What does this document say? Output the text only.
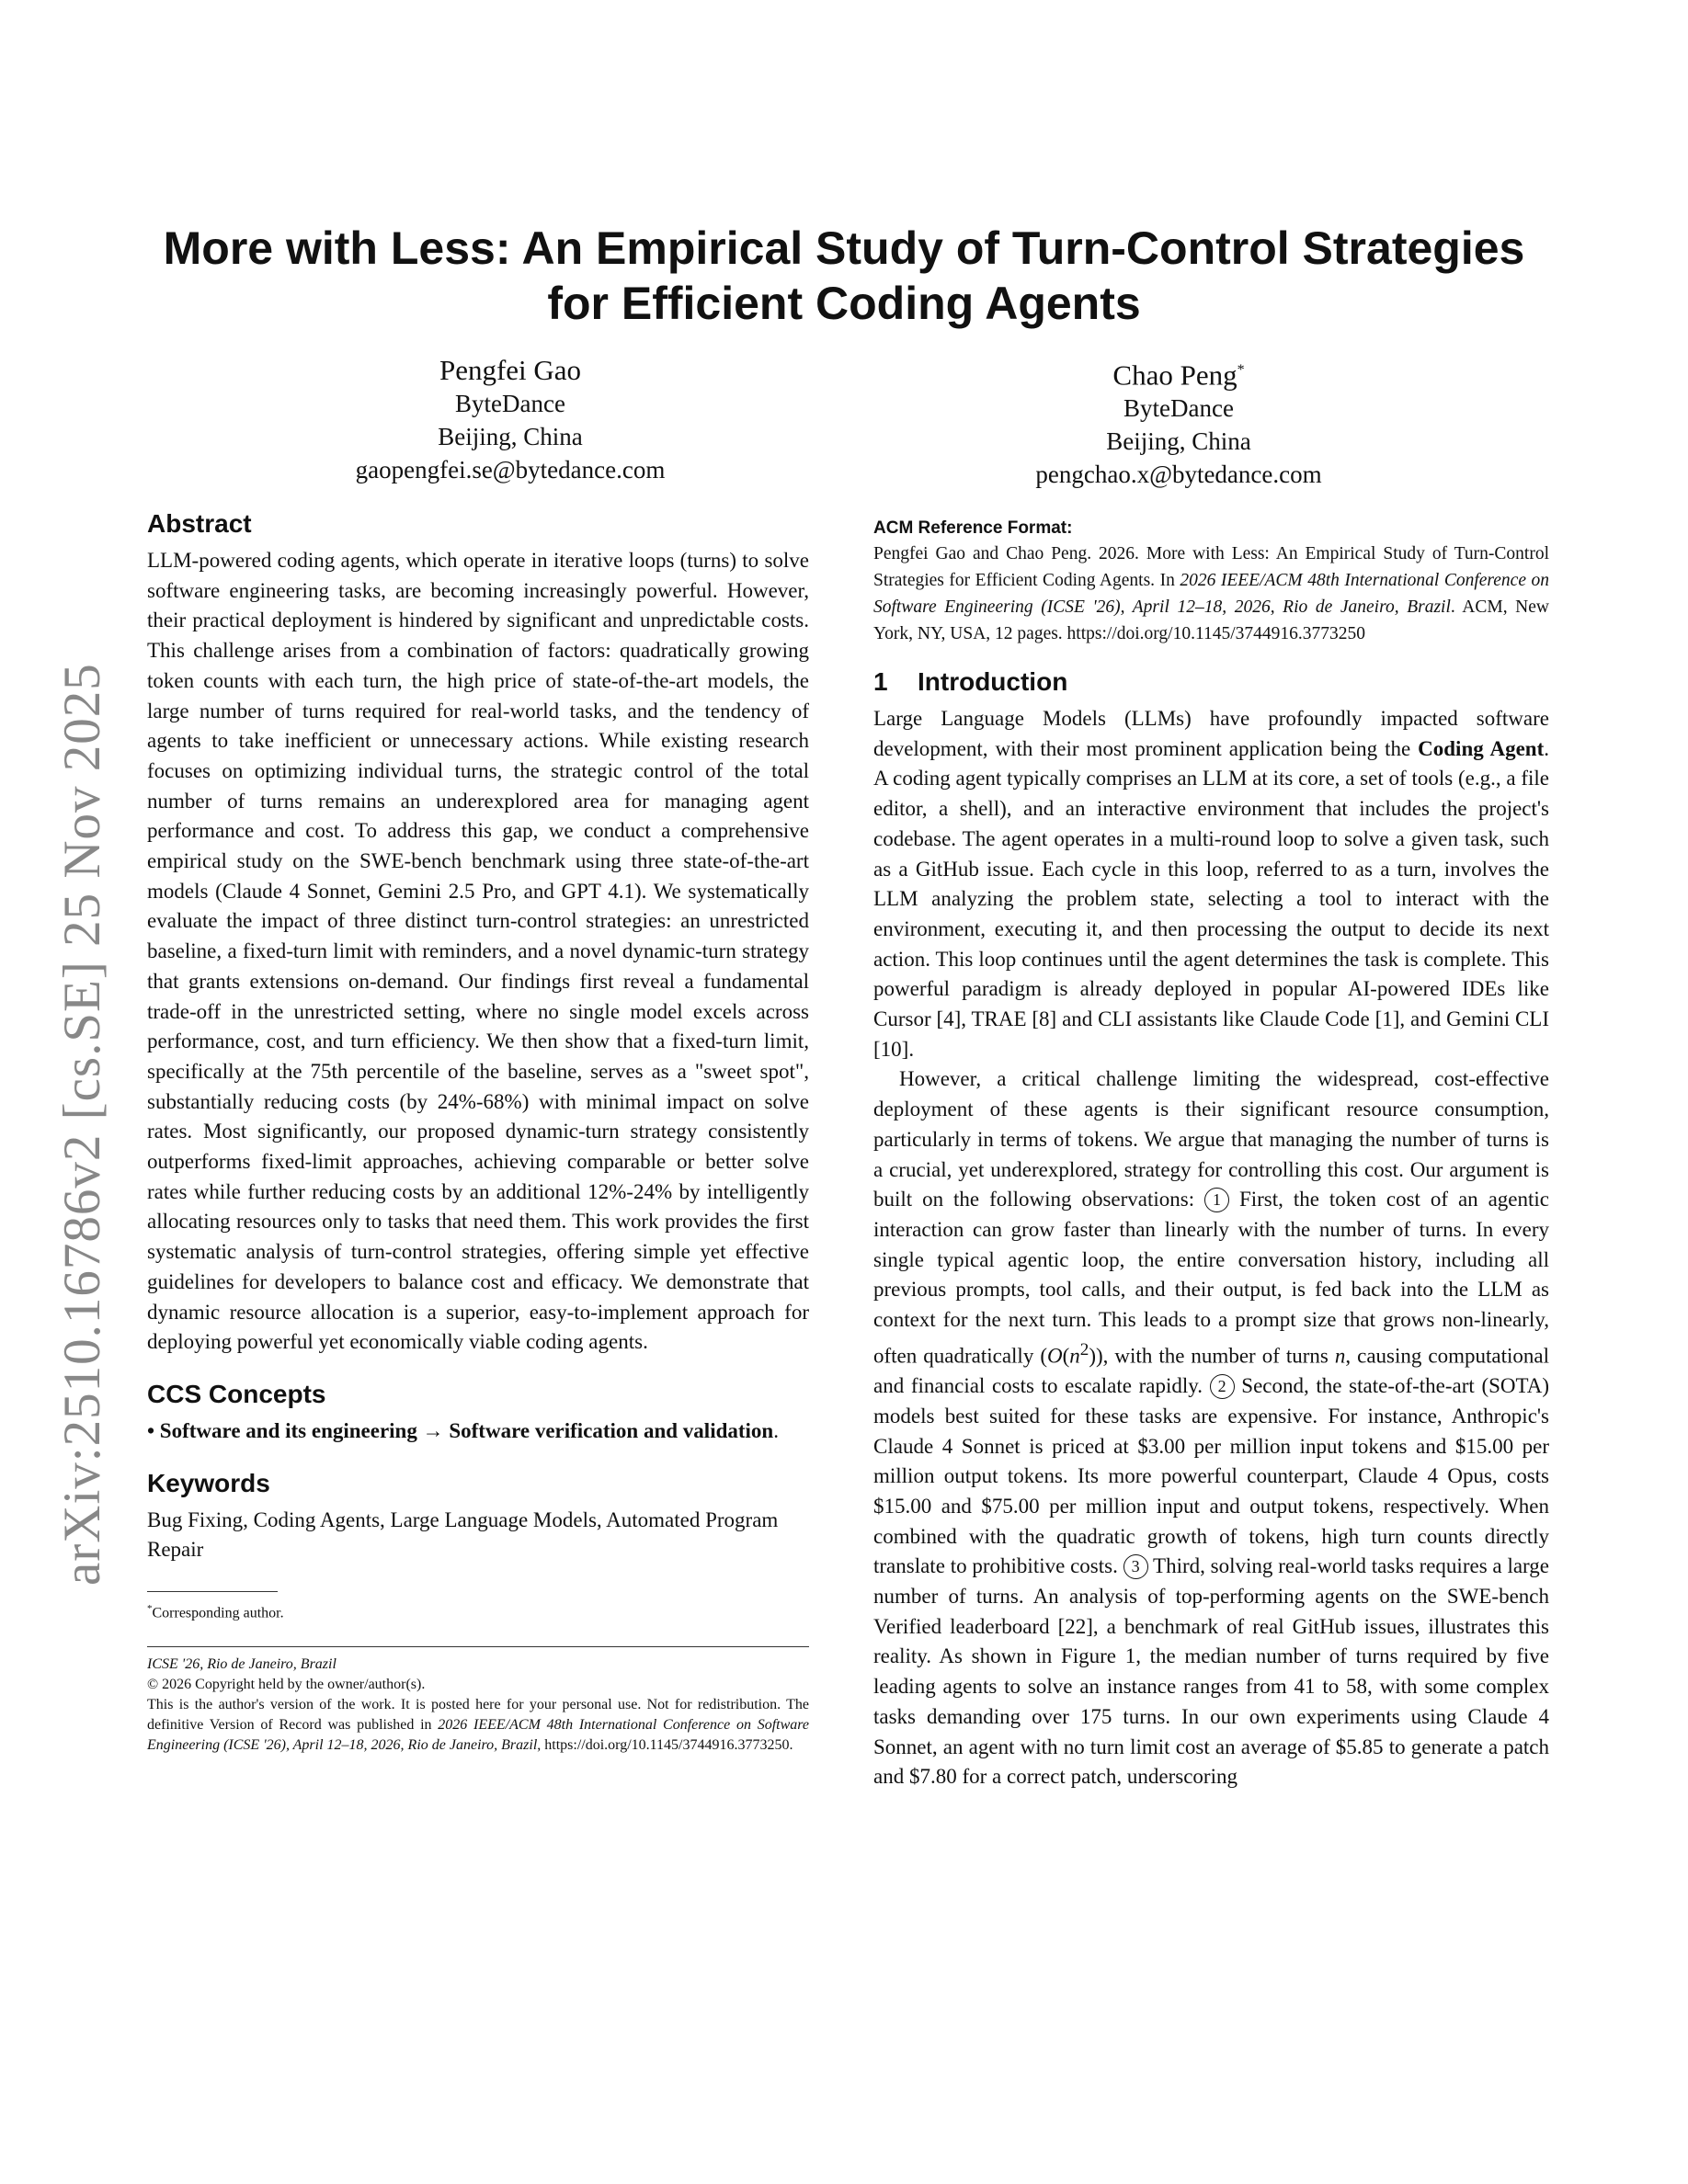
More with Less: An Empirical Study of Turn-Control Strategies
for Efficient Coding Agents
Pengfei Gao
ByteDance
Beijing, China
gaopengfei.se@bytedance.com
Chao Peng*
ByteDance
Beijing, China
pengchao.x@bytedance.com
arXiv:2510.16786v2 [cs.SE] 25 Nov 2025
Abstract

LLM-powered coding agents, which operate in iterative loops (turns) to solve software engineering tasks, are becoming increasingly powerful. However, their practical deployment is hindered by significant and unpredictable costs. This challenge arises from a combination of factors: quadratically growing token counts with each turn, the high price of state-of-the-art models, the large number of turns required for real-world tasks, and the tendency of agents to take inefficient or unnecessary actions. While existing research focuses on optimizing individual turns, the strategic control of the total number of turns remains an underexplored area for managing agent performance and cost. To address this gap, we conduct a comprehensive empirical study on the SWE-bench benchmark using three state-of-the-art models (Claude 4 Sonnet, Gemini 2.5 Pro, and GPT 4.1). We systematically evaluate the impact of three distinct turn-control strategies: an unrestricted baseline, a fixed-turn limit with reminders, and a novel dynamic-turn strategy that grants extensions on-demand. Our findings first reveal a fundamental trade-off in the unrestricted setting, where no single model excels across performance, cost, and turn efficiency. We then show that a fixed-turn limit, specifically at the 75th percentile of the baseline, serves as a "sweet spot", substantially reducing costs (by 24%-68%) with minimal impact on solve rates. Most significantly, our proposed dynamic-turn strategy consistently outperforms fixed-limit approaches, achieving comparable or better solve rates while further reducing costs by an additional 12%-24% by intelligently allocating resources only to tasks that need them. This work provides the first systematic analysis of turn-control strategies, offering simple yet effective guidelines for developers to balance cost and efficacy. We demonstrate that dynamic resource allocation is a superior, easy-to-implement approach for deploying powerful yet economically viable coding agents.

CCS Concepts

• Software and its engineering → Software verification and validation.

Keywords

Bug Fixing, Coding Agents, Large Language Models, Automated Program Repair

*Corresponding author.
ICSE '26, Rio de Janeiro, Brazil
© 2026 Copyright held by the owner/author(s).
This is the author's version of the work. It is posted here for your personal use. Not for redistribution. The definitive Version of Record was published in 2026 IEEE/ACM 48th International Conference on Software Engineering (ICSE '26), April 12–18, 2026, Rio de Janeiro, Brazil, https://doi.org/10.1145/3744916.3773250.
ACM Reference Format:
Pengfei Gao and Chao Peng. 2026. More with Less: An Empirical Study of Turn-Control Strategies for Efficient Coding Agents. In 2026 IEEE/ACM 48th International Conference on Software Engineering (ICSE '26), April 12–18, 2026, Rio de Janeiro, Brazil. ACM, New York, NY, USA, 12 pages. https://doi.org/10.1145/3744916.3773250
1 Introduction

Large Language Models (LLMs) have profoundly impacted software development, with their most prominent application being the Coding Agent. A coding agent typically comprises an LLM at its core, a set of tools (e.g., a file editor, a shell), and an interactive environment that includes the project's codebase. The agent operates in a multi-round loop to solve a given task, such as a GitHub issue. Each cycle in this loop, referred to as a turn, involves the LLM analyzing the problem state, selecting a tool to interact with the environment, executing it, and then processing the output to decide its next action. This loop continues until the agent determines the task is complete. This powerful paradigm is already deployed in popular AI-powered IDEs like Cursor [4], TRAE [8] and CLI assistants like Claude Code [1], and Gemini CLI [10].

However, a critical challenge limiting the widespread, cost-effective deployment of these agents is their significant resource consumption, particularly in terms of tokens. We argue that managing the number of turns is a crucial, yet underexplored, strategy for controlling this cost. Our argument is built on the following observations: 1 First, the token cost of an agentic interaction can grow faster than linearly with the number of turns. In every single typical agentic loop, the entire conversation history, including all previous prompts, tool calls, and their output, is fed back into the LLM as context for the next turn. This leads to a prompt size that grows non-linearly, often quadratically $(O(n^2))$, with the number of turns n, causing computational and financial costs to escalate rapidly. 2 Second, the state-of-the-art (SOTA) models best suited for these tasks are expensive. For instance, Anthropic's Claude 4 Sonnet is priced at $3.00 per million input tokens and $15.00 per million output tokens. Its more powerful counterpart, Claude 4 Opus, costs $15.00 and $75.00 per million input and output tokens, respectively. When combined with the quadratic growth of tokens, high turn counts directly translate to prohibitive costs. 3 Third, solving real-world tasks requires a large number of turns. An analysis of top-performing agents on the SWE-bench Verified leaderboard [22], a benchmark of real GitHub issues, illustrates this reality. As shown in Figure 1, the median number of turns required by five leading agents to solve an instance ranges from 41 to 58, with some complex tasks demanding over 175 turns. In our own experiments using Claude 4 Sonnet, an agent with no turn limit cost an average of $5.85 to generate a patch and $7.80 for a correct patch, underscoring
